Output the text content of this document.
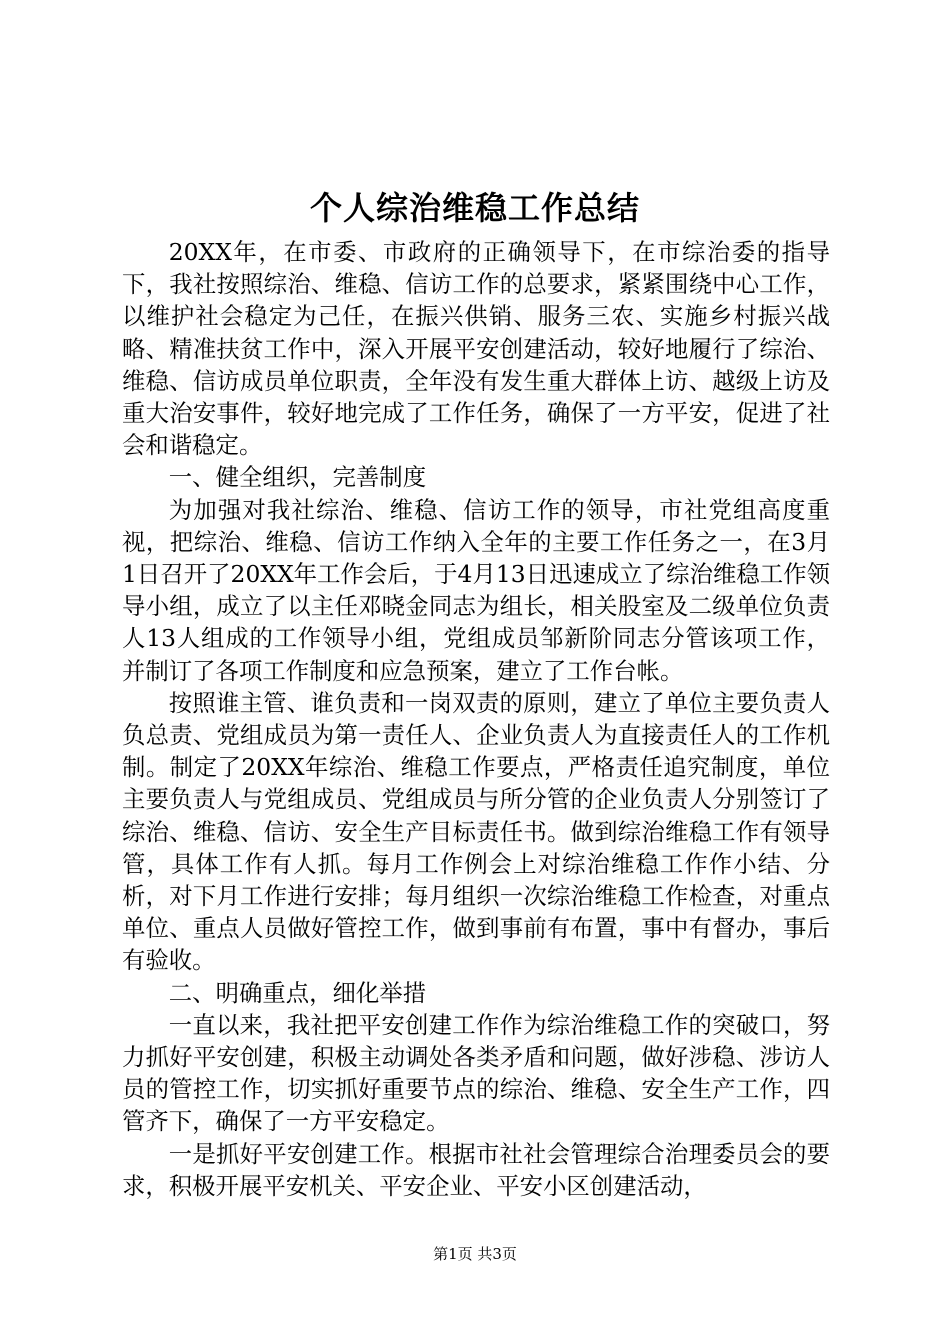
个人综治维稳工作总结

20XX年，在市委、市政府的正确领导下，在市综治委的指导下，我社按照综治、维稳、信访工作的总要求，紧紧围绕中心工作，以维护社会稳定为己任，在振兴供销、服务三农、实施乡村振兴战略、精准扶贫工作中，深入开展平安创建活动，较好地履行了综治、维稳、信访成员单位职责，全年没有发生重大群体上访、越级上访及重大治安事件，较好地完成了工作任务，确保了一方平安，促进了社会和谐稳定。

一、健全组织，完善制度

为加强对我社综治、维稳、信访工作的领导，市社党组高度重视，把综治、维稳、信访工作纳入全年的主要工作任务之一，在3月1日召开了20XX年工作会后，于4月13日迅速成立了综治维稳工作领导小组，成立了以主任邓晓金同志为组长，相关股室及二级单位负责人13人组成的工作领导小组，党组成员邹新阶同志分管该项工作，并制订了各项工作制度和应急预案，建立了工作台帐。

按照谁主管、谁负责和一岗双责的原则，建立了单位主要负责人负总责、党组成员为第一责任人、企业负责人为直接责任人的工作机制。制定了20XX年综治、维稳工作要点，严格责任追究制度，单位主要负责人与党组成员、党组成员与所分管的企业负责人分别签订了综治、维稳、信访、安全生产目标责任书。做到综治维稳工作有领导管，具体工作有人抓。每月工作例会上对综治维稳工作作小结、分析，对下月工作进行安排；每月组织一次综治维稳工作检查，对重点单位、重点人员做好管控工作，做到事前有布置，事中有督办，事后有验收。

二、明确重点，细化举措

一直以来，我社把平安创建工作作为综治维稳工作的突破口，努力抓好平安创建，积极主动调处各类矛盾和问题，做好涉稳、涉访人员的管控工作，切实抓好重要节点的综治、维稳、安全生产工作，四管齐下，确保了一方平安稳定。

一是抓好平安创建工作。根据市社社会管理综合治理委员会的要求，积极开展平安机关、平安企业、平安小区创建活动，

第1页 共3页
